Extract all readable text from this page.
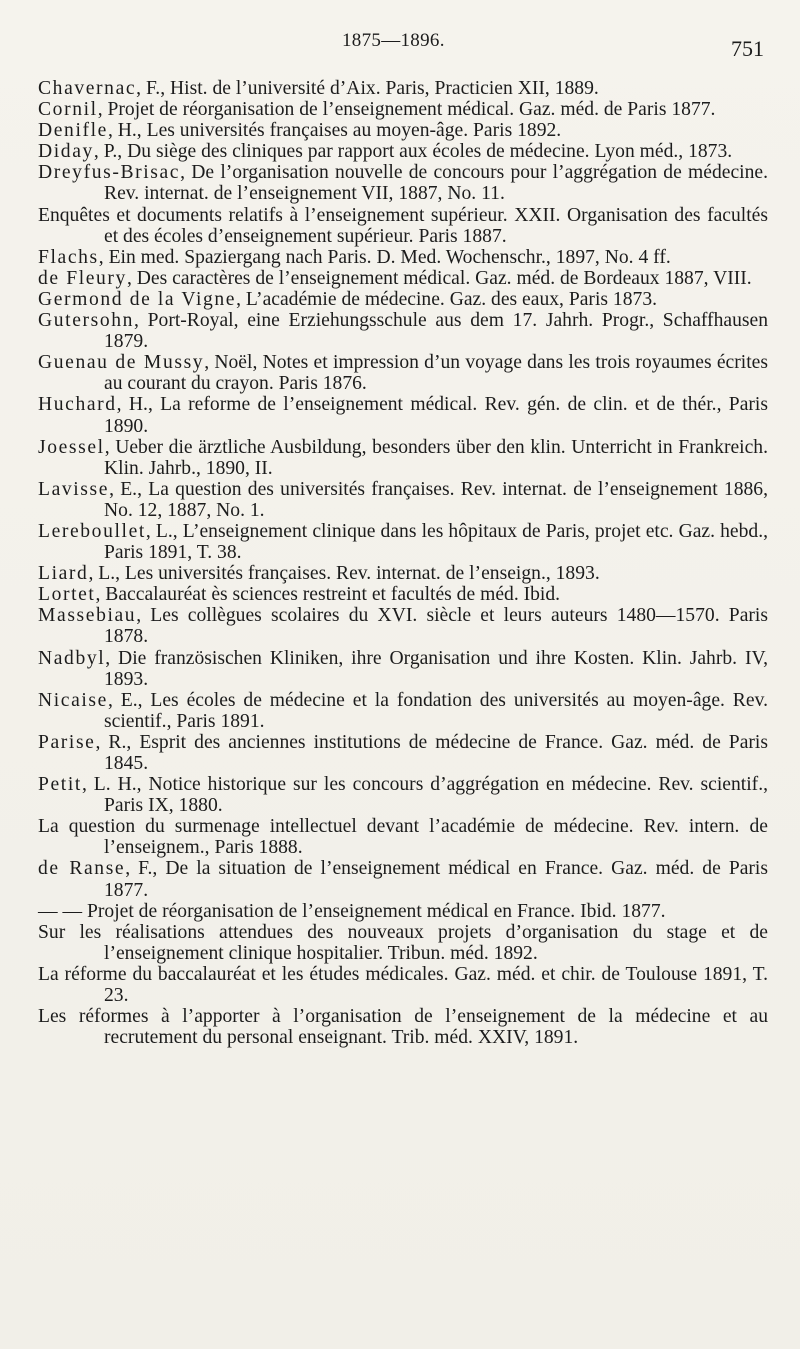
1875—1896.	751

Chavernac, F., Hist. de l’université d’Aix. Paris, Practicien XII, 1889.

Cornil, Projet de réorganisation de l’enseignement médical. Gaz. méd. de Paris 1877.

Denifle, H., Les universités françaises au moyen-âge. Paris 1892.

Diday, P., Du siège des cliniques par rapport aux écoles de médecine. Lyon méd., 1873.

Dreyfus-Brisac, De l’organisation nouvelle de concours pour l’aggrégation de médecine. Rev. internat. de l’enseignement VII, 1887, No. 11.

Enquêtes et documents relatifs à l’enseignement supérieur. XXII. Organisation des facultés et des écoles d’enseignement supérieur. Paris 1887.

Flachs, Ein med. Spaziergang nach Paris. D. Med. Wochenschr., 1897, No. 4 ff.

de Fleury, Des caractères de l’enseignement médical. Gaz. méd. de Bordeaux 1887, VIII.

Germond de la Vigne, L’académie de médecine. Gaz. des eaux, Paris 1873.

Gutersohn, Port-Royal, eine Erziehungsschule aus dem 17. Jahrh. Progr., Schaffhausen 1879.

Guenau de Mussy, Noël, Notes et impression d’un voyage dans les trois royaumes écrites au courant du crayon. Paris 1876.

Huchard, H., La reforme de l’enseignement médical. Rev. gén. de clin. et de thér., Paris 1890.

Joessel, Ueber die ärztliche Ausbildung, besonders über den klin. Unterricht in Frankreich. Klin. Jahrb., 1890, II.

Lavisse, E., La question des universités françaises. Rev. internat. de l’enseignement 1886, No. 12, 1887, No. 1.

Lereboullet, L., L’enseignement clinique dans les hôpitaux de Paris, projet etc. Gaz. hebd., Paris 1891, T. 38.

Liard, L., Les universités françaises. Rev. internat. de l’enseign., 1893.

Lortet, Baccalauréat ès sciences restreint et facultés de méd. Ibid.

Massebiau, Les collègues scolaires du XVI. siècle et leurs auteurs 1480—1570. Paris 1878.

Nadbyl, Die französischen Kliniken, ihre Organisation und ihre Kosten. Klin. Jahrb. IV, 1893.

Nicaise, E., Les écoles de médecine et la fondation des universités au moyen-âge. Rev. scientif., Paris 1891.

Parise, R., Esprit des anciennes institutions de médecine de France. Gaz. méd. de Paris 1845.

Petit, L. H., Notice historique sur les concours d’aggrégation en médecine. Rev. scientif., Paris IX, 1880.

La question du surmenage intellectuel devant l’académie de médecine. Rev. intern. de l’enseignem., Paris 1888.

de Ranse, F., De la situation de l’enseignement médical en France. Gaz. méd. de Paris 1877.

— — Projet de réorganisation de l’enseignement médical en France. Ibid. 1877.

Sur les réalisations attendues des nouveaux projets d’organisation du stage et de l’enseignement clinique hospitalier. Tribun. méd. 1892.

La réforme du baccalauréat et les études médicales. Gaz. méd. et chir. de Toulouse 1891, T. 23.

Les réformes à l’apporter à l’organisation de l’enseignement de la médecine et au recrutement du personal enseignant. Trib. méd. XXIV, 1891.
